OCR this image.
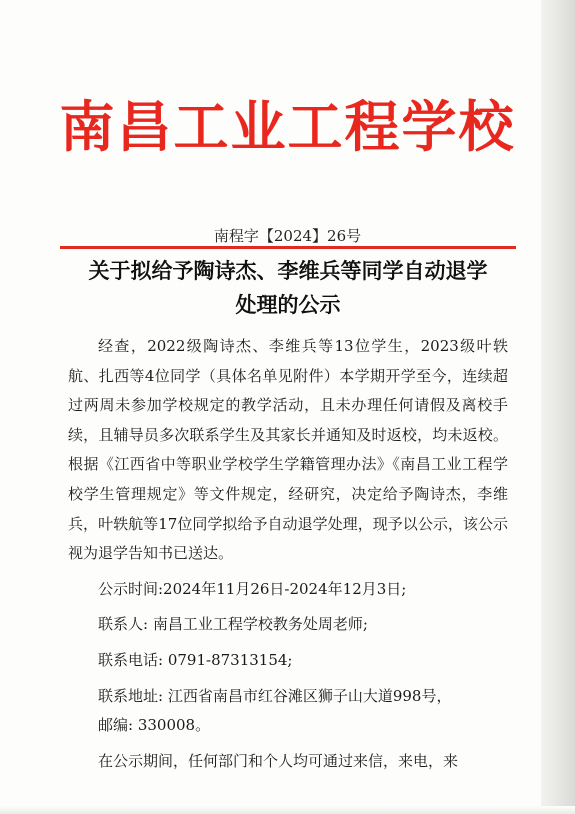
南昌工业工程学校
南程字【2024】26号
关于拟给予陶诗杰、李维兵等同学自动退学
处理的公示

经查，2022级陶诗杰、李维兵等13位学生，2023级叶轶航、扎西等4位同学（具体名单见附件）本学期开学至今，连续超过两周未参加学校规定的教学活动，且未办理任何请假及离校手续，且辅导员多次联系学生及其家长并通知及时返校，均未返校。根据《江西省中等职业学校学生学籍管理办法》《南昌工业工程学校学生管理规定》等文件规定，经研究，决定给予陶诗杰，李维兵，叶轶航等17位同学拟给予自动退学处理，现予以公示，该公示视为退学告知书已送达。

公示时间:2024年11月26日-2024年12月3日;

联系人: 南昌工业工程学校教务处周老师;

联系电话: 0791-87313154;

联系地址: 江西省南昌市红谷滩区狮子山大道998号，

邮编: 330008。

在公示期间，任何部门和个人均可通过来信，来电，来
